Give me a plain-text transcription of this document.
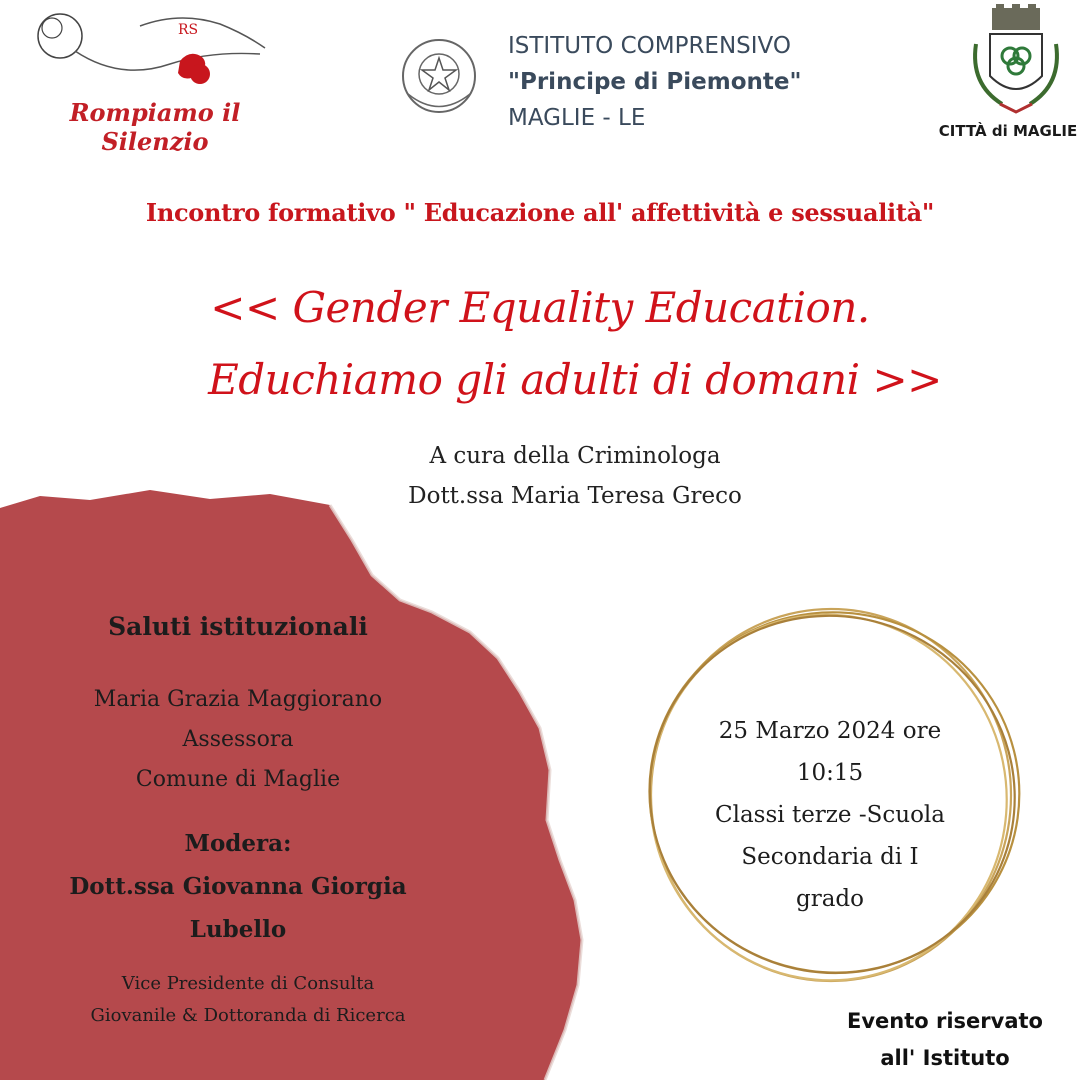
RS
Rompiamo il Silenzio
ISTITUTO COMPRENSIVO
"Principe di Piemonte"
MAGLIE - LE	CITTÀ di MAGLIE
Incontro formativo " Educazione all' affettività e sessualità"
<< Gender Equality Education.
Educhiamo gli adulti di domani >>
A cura della Criminologa
Dott.ssa Maria Teresa Greco
Saluti istituzionali
Maria Grazia Maggiorano
Assessora
Comune di Maglie
Modera:
Dott.ssa Giovanna Giorgia
Lubello
Vice Presidente di Consulta
Giovanile & Dottoranda di Ricerca
25 Marzo 2024 ore
10:15
Classi terze -Scuola
Secondaria di I
grado
Evento riservato
all' Istituto
